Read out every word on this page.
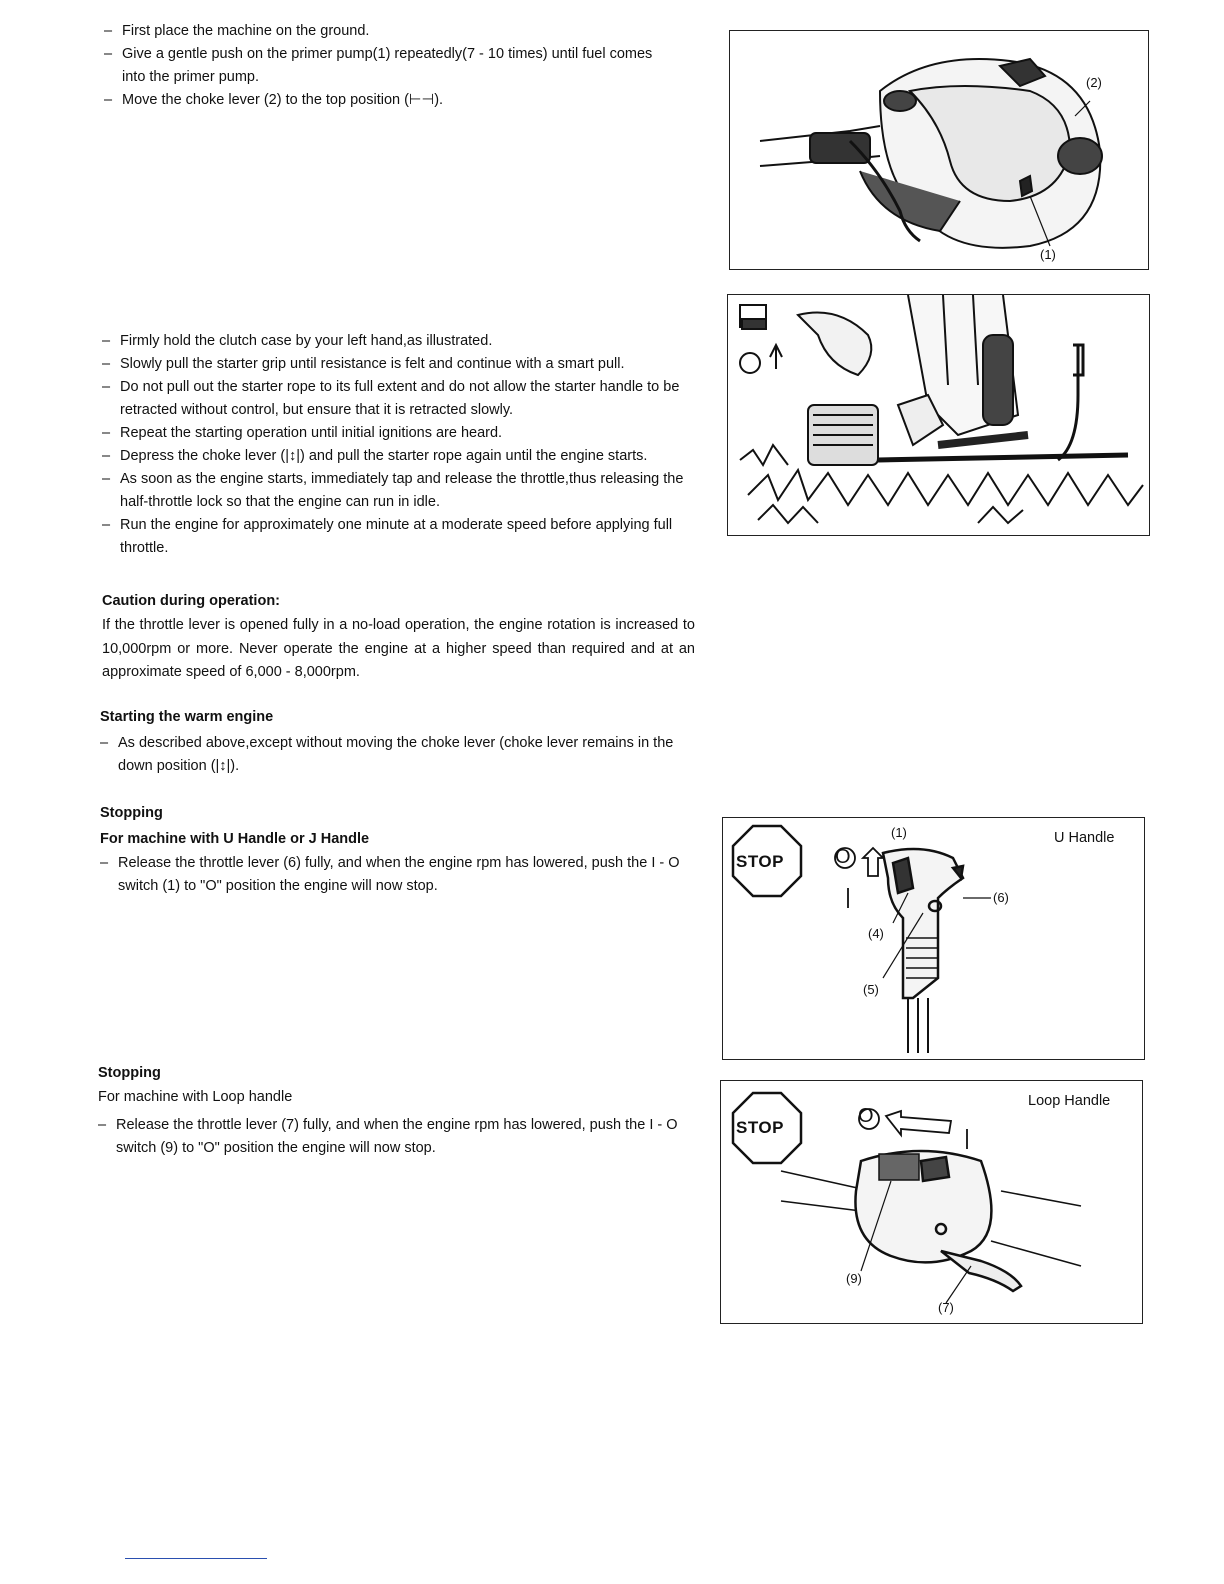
– First place the machine on the ground.
– Give a gentle push on the primer pump(1) repeatedly(7 - 10 times) until fuel comes into the primer pump.
– Move the choke lever (2) to the top position (⊢⊣).
(2)
(1)
– Firmly hold the clutch case by your left hand,as illustrated.
– Slowly pull the starter grip until resistance is felt and continue with a smart pull.
– Do not pull out the starter rope to its full extent and do not allow the starter handle to be retracted without control, but ensure that it is retracted slowly.
– Repeat the starting operation until initial ignitions are heard.
– Depress the choke lever (|↕|) and pull the starter rope again until the engine starts.
– As soon as the engine starts, immediately tap and release the throttle,thus releasing the half-throttle lock so that the engine can run in idle.
– Run the engine for approximately one minute at a moderate speed before applying full throttle.
Caution during operation:
If the throttle lever is opened fully in a no-load operation, the engine rotation is increased to 10,000rpm or more. Never operate the engine at a higher speed than required and at an approximate speed of 6,000 - 8,000rpm.
Starting the warm engine
– As described above,except without moving the choke lever (choke lever remains in the down position (|↕|).
Stopping
For machine with U Handle or J Handle
– Release the throttle lever (6) fully, and when the engine rpm has lowered, push the I - O switch (1) to "O" position the engine will now stop.
STOP	O
(1)
(4)
(5)
(6)
U Handle
Stopping
For machine with Loop handle
– Release the throttle lever (7) fully, and when the engine rpm has lowered, push the I - O switch (9) to "O" position the engine will now stop.
STOP
O
(9)
(7)
Loop Handle
